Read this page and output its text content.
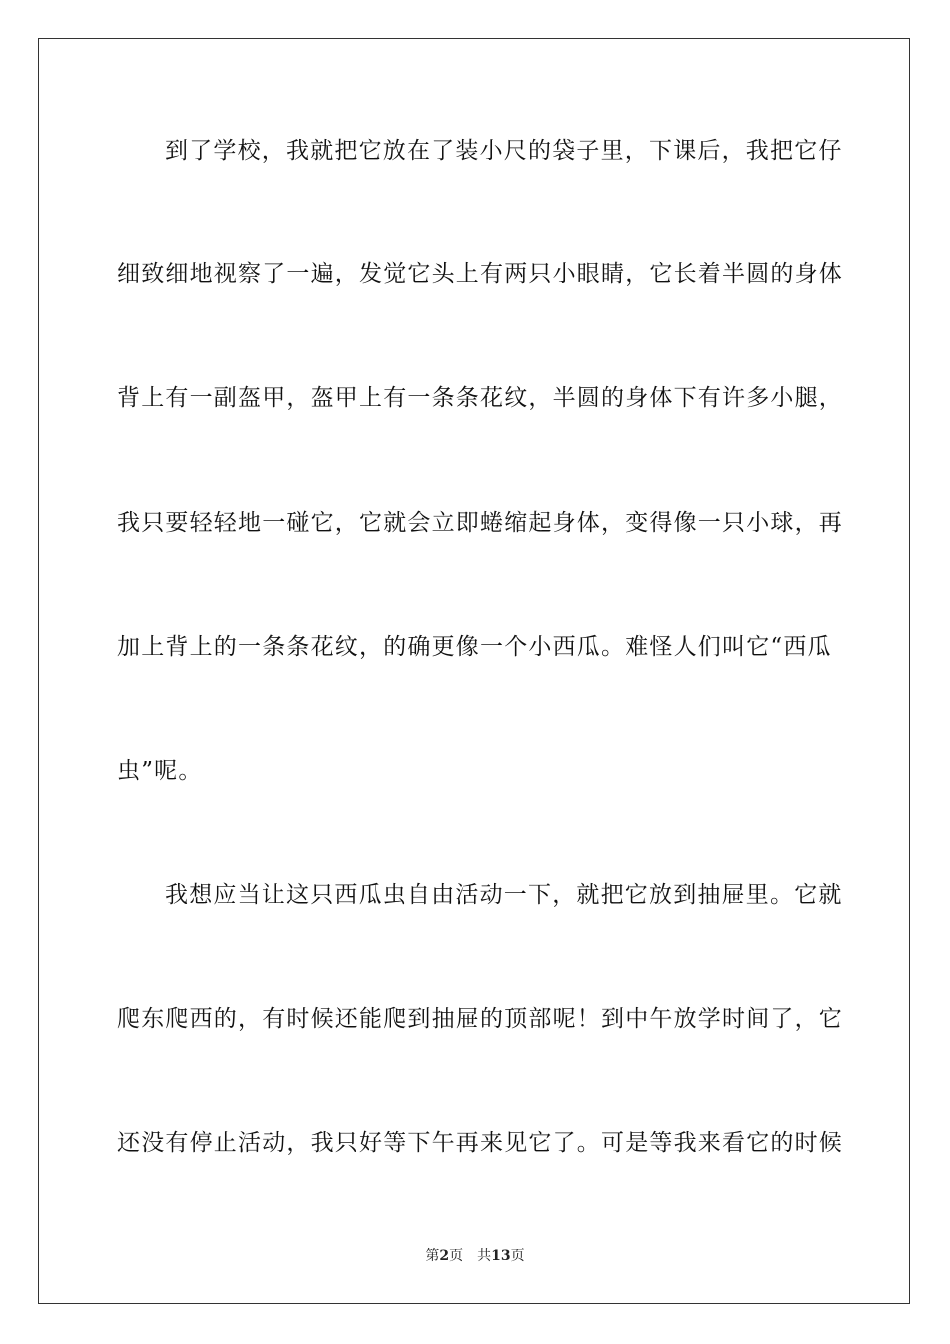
到了学校，我就把它放在了装小尺的袋子里，下课后，我把它仔
细致细地视察了一遍，发觉它头上有两只小眼睛，它长着半圆的身体
背上有一副盔甲，盔甲上有一条条花纹，半圆的身体下有许多小腿，
我只要轻轻地一碰它，它就会立即蜷缩起身体，变得像一只小球，再
加上背上的一条条花纹，的确更像一个小西瓜。难怪人们叫它“西瓜
虫”呢。
我想应当让这只西瓜虫自由活动一下，就把它放到抽屉里。它就
爬东爬西的，有时候还能爬到抽屉的顶部呢！到中午放学时间了，它
还没有停止活动，我只好等下午再来见它了。可是等我来看它的时候
第2页 共13页
